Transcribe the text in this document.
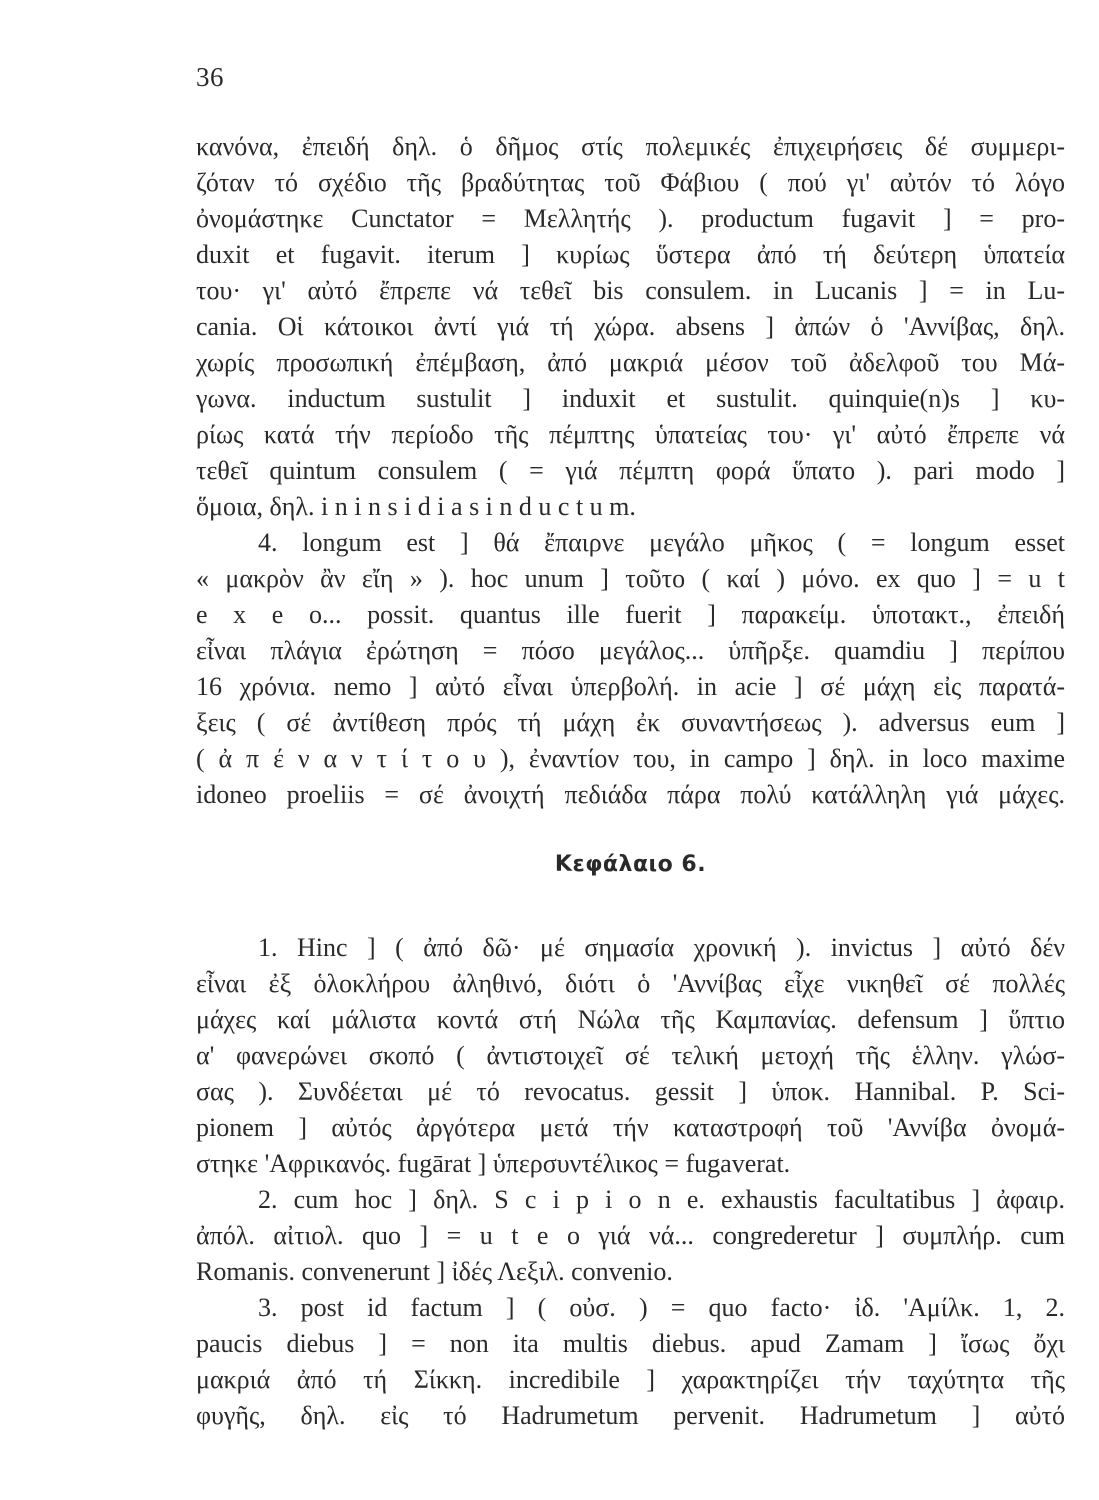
36
κανόνα, ἐπειδή δηλ. ὁ δῆμος στίς πολεμικές ἐπιχειρήσεις δέ συμμερι-
ζόταν τό σχέδιο τῆς βραδύτητας τοῦ Φάβιου ( πού γι' αὐτόν τό λόγο
ὀνομάστηκε Cunctator = Μελλητής ). productum fugavit ] = pro-
duxit et fugavit. iterum ] κυρίως ὕστερα ἀπό τή δεύτερη ὑπατεία
του· γι' αὐτό ἔπρεπε νά τεθεῖ bis consulem. in Lucanis ] = in Lu-
cania. Οἱ κάτοικοι ἀντί γιά τή χώρα. absens ] ἀπών ὁ 'Αννίβας, δηλ.
χωρίς προσωπική ἐπέμβαση, ἀπό μακριά μέσον τοῦ ἀδελφοῦ του Μά-
γωνα. inductum sustulit ] induxit et sustulit. quinquie(n)s ] κυ-
ρίως κατά τήν περίοδο τῆς πέμπτης ὑπατείας του· γι' αὐτό ἔπρεπε νά
τεθεῖ quintum consulem ( = γιά πέμπτη φορά ὕπατο ). pari modo ]
ὅμοια, δηλ. i n i n s i d i a s i n d u c t u m.
4. longum est ] θά ἔπαιρνε μεγάλο μῆκος ( = longum esset
« μακρὸν ἂν εἴη » ). hoc unum ] τοῦτο ( καί ) μόνο. ex quo ] = u t
e x e o... possit. quantus ille fuerit ] παρακείμ. ὑποτακτ., ἐπειδή
εἶναι πλάγια ἐρώτηση = πόσο μεγάλος... ὑπῆρξε. quamdiu ] περίπου
16 χρόνια. nemo ] αὐτό εἶναι ὑπερβολή. in acie ] σέ μάχη εἰς παρατά-
ξεις ( σέ ἀντίθεση πρός τή μάχη ἐκ συναντήσεως ). adversus eum ]
( ἀ π έ ν α ν τ ί τ ο υ ), ἐναντίον του, in campo ] δηλ. in loco maxime
idoneo proeliis = σέ ἀνοιχτή πεδιάδα πάρα πολύ κατάλληλη γιά μάχες.
Κεφάλαιο 6.
1. Hinc ] ( ἀπό δῶ· μέ σημασία χρονική ). invictus ] αὐτό δέν
εἶναι ἐξ ὁλοκλήρου ἀληθινό, διότι ὁ 'Αννίβας εἶχε νικηθεῖ σέ πολλές
μάχες καί μάλιστα κοντά στή Νώλα τῆς Καμπανίας. defensum ] ὕπτιο
α' φανερώνει σκοπό ( ἀντιστοιχεῖ σέ τελική μετοχή τῆς ἑλλην. γλώσ-
σας ). Συνδέεται μέ τό revocatus. gessit ] ὑποκ. Hannibal. P. Sci-
pionem ] αὐτός ἀργότερα μετά τήν καταστροφή τοῦ 'Αννίβα ὀνομά-
στηκε 'Αφρικανός. fugārat ] ὑπερσυντέλικος = fugaverat.
2. cum hoc ] δηλ. S c i p i o n e. exhaustis facultatibus ] ἀφαιρ.
ἀπόλ. αἰτιολ. quo ] = u t e o γιά νά... congrederetur ] συμπλήρ. cum
Romanis. convenerunt ] ἰδές Λεξιλ. convenio.
3. post id factum ] ( οὐσ. ) = quo facto· ἰδ. 'Αμίλκ. 1, 2.
paucis diebus ] = non ita multis diebus. apud Zamam ] ἴσως ὄχι
μακριά ἀπό τή Σίκκη. incredibile ] χαρακτηρίζει τήν ταχύτητα τῆς
φυγῆς, δηλ. εἰς τό Hadrumetum pervenit. Hadrumetum ] αὐτό
